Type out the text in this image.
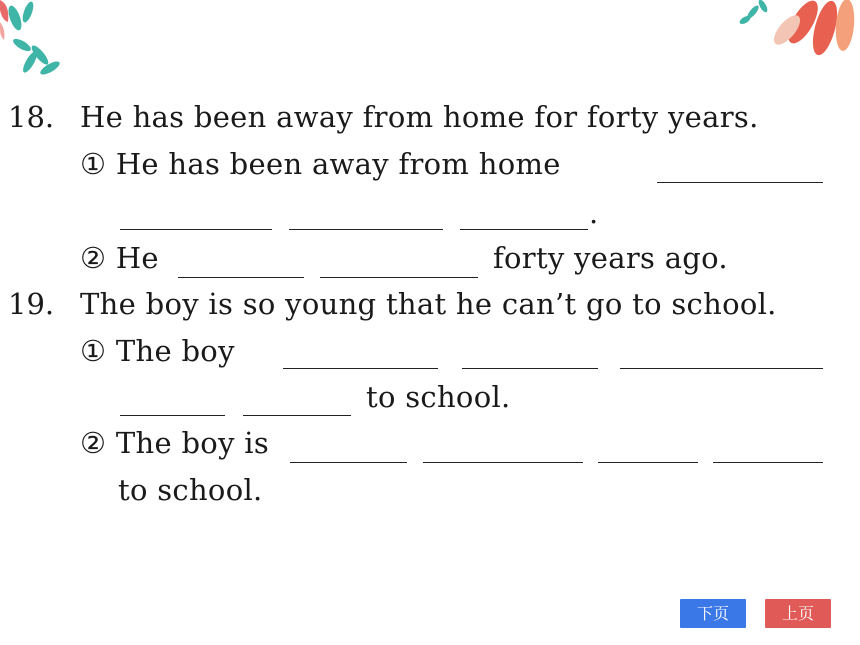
18. He has been away from home for forty years.
① He has been away from home
.
② He	forty years ago.
19. The boy is so young that he can’t go to school.
① The boy
to school.
② The boy is
to school.
下页	上页
